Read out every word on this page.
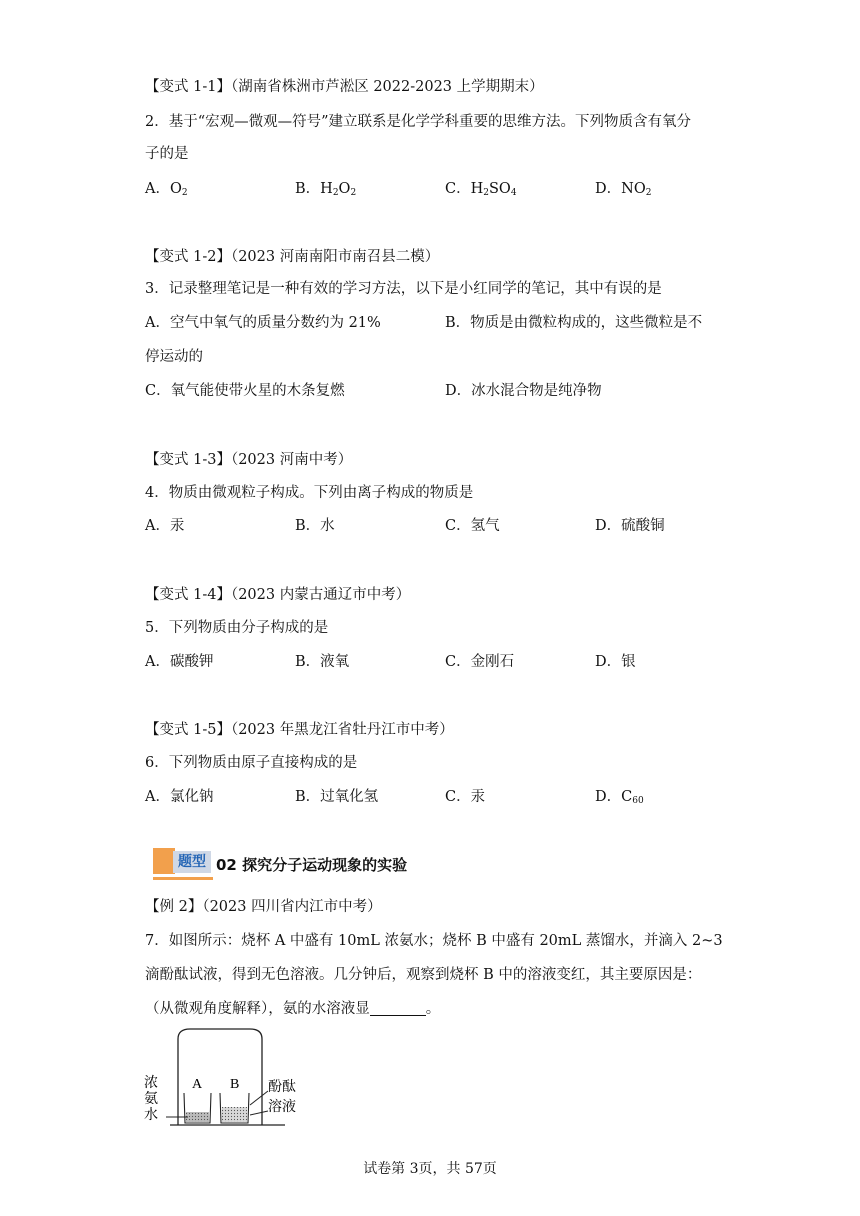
【变式 1-1】（湖南省株洲市芦淞区 2022-2023 上学期期末）
2．基于“宏观—微观—符号”建立联系是化学学科重要的思维方法。下列物质含有氧分
子的是
A．$O_2$	B．$H_2O_2$	C．$H_2SO_4$	D．$NO_2$
【变式 1-2】（2023 河南南阳市南召县二模）
3．记录整理笔记是一种有效的学习方法，以下是小红同学的笔记，其中有误的是
A．空气中氧气的质量分数约为 21%	B．物质是由微粒构成的，这些微粒是不
停运动的
C．氧气能使带火星的木条复燃	D．冰水混合物是纯净物
【变式 1-3】（2023 河南中考）
4．物质由微观粒子构成。下列由离子构成的物质是
A．汞	B．水	C．氢气	D．硫酸铜
【变式 1-4】（2023 内蒙古通辽市中考）
5．下列物质由分子构成的是
A．碳酸钾	B．液氧	C．金刚石	D．银
【变式 1-5】（2023 年黑龙江省牡丹江市中考）
6．下列物质由原子直接构成的是
A．氯化钠	B．过氧化氢	C．汞	D．$C_{60}$
题型 02 探究分子运动现象的实验
【例 2】（2023 四川省内江市中考）
7．如图所示：烧杯 A 中盛有 10mL 浓氨水；烧杯 B 中盛有 20mL 蒸馏水，并滴入 2~3
滴酚酞试液，得到无色溶液。几分钟后，观察到烧杯 B 中的溶液变红，其主要原因是：
（从微观角度解释），氨的水溶液显	。
A B
浓
氨
水
酚酞
溶液
试卷第 3页，共 57页
